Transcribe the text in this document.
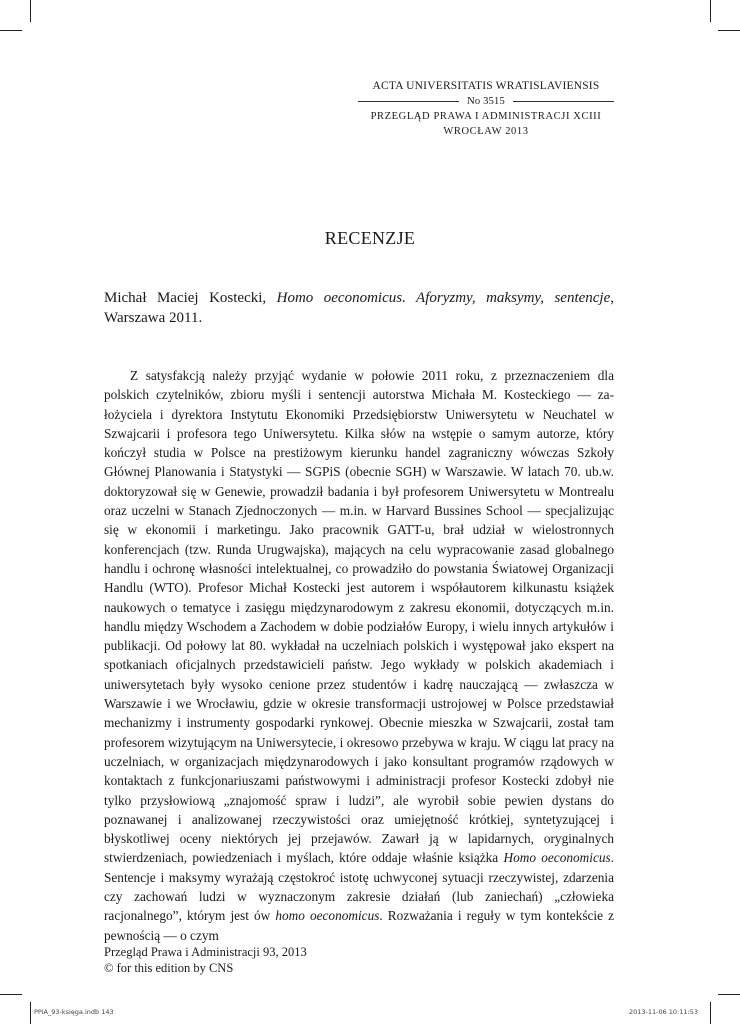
ACTA UNIVERSITATIS WRATISLAVIENSIS
No 3515
PRZEGLĄD PRAWA I ADMINISTRACJI XCIII
WROCŁAW 2013
RECENZJE
Michał Maciej Kostecki, Homo oeconomicus. Aforyzmy, maksymy, sentencje, Warszawa 2011.

Z satysfakcją należy przyjąć wydanie w połowie 2011 roku, z przeznaczeniem dla polskich czytelników, zbioru myśli i sentencji autorstwa Michała M. Kosteckiego — założyciela i dyrektora Instytutu Ekonomiki Przedsiębiorstw Uniwersytetu w Neuchatel w Szwajcarii i profesora tego Uniwersytetu. Kilka słów na wstępie o samym autorze, który kończył studia w Polsce na prestiżowym kierunku handel zagraniczny wówczas Szkoły Głównej Planowania i Statystyki — SGPiS (obecnie SGH) w Warszawie. W latach 70. ub.w. doktoryzował się w Genewie, prowadził badania i był profesorem Uniwersytetu w Montrealu oraz uczelni w Stanach Zjednoczonych — m.in. w Harvard Bussines School — specjalizując się w ekonomii i marketingu. Jako pracownik GATT-u, brał udział w wielostronnych konferencjach (tzw. Runda Urugwajska), mających na celu wypracowanie zasad globalnego handlu i ochronę własności intelektualnej, co prowadziło do powstania Światowej Organizacji Handlu (WTO). Profesor Michał Kostecki jest autorem i współautorem kilkunastu książek naukowych o tematyce i zasięgu międzynarodowym z zakresu ekonomii, dotyczących m.in. handlu między Wschodem a Zachodem w dobie podziałów Europy, i wielu innych artykułów i publikacji. Od połowy lat 80. wykładał na uczelniach polskich i występował jako ekspert na spotkaniach oficjalnych przedstawicieli państw. Jego wykłady w polskich akademiach i uniwersytetach były wysoko cenione przez studentów i kadrę nauczającą — zwłaszcza w Warszawie i we Wrocławiu, gdzie w okresie transformacji ustrojowej w Polsce przedstawiał mechanizmy i instrumenty gospodarki rynkowej. Obecnie mieszka w Szwajcarii, został tam profesorem wizytującym na Uniwersytecie, i okresowo przebywa w kraju. W ciągu lat pracy na uczelniach, w organizacjach międzynarodowych i jako konsultant programów rządowych w kontaktach z funkcjonariuszami państwowymi i administracji profesor Kostecki zdobył nie tylko przysłowiową „znajomość spraw i ludzi”, ale wyrobił sobie pewien dystans do poznawanej i analizowanej rzeczywistości oraz umiejętność krótkiej, syntetyzującej i błyskotliwej oceny niektórych jej przejawów. Zawarł ją w lapidarnych, oryginalnych stwierdzeniach, powiedzeniach i myślach, które oddaje właśnie książka Homo oeconomicus. Sentencje i maksymy wyrażają częstokroć istotę uchwyconej sytuacji rzeczywistej, zdarzenia czy zachowań ludzi w wyznaczonym zakresie działań (lub zaniechań) „człowieka racjonalnego”, którym jest ów homo oeconomicus. Rozważania i reguły w tym kontekście z pewnością — o czym

Przegląd Prawa i Administracji 93, 2013
© for this edition by CNS
PPiA_93-księga.indb 143	2013-11-06 10:11:53
